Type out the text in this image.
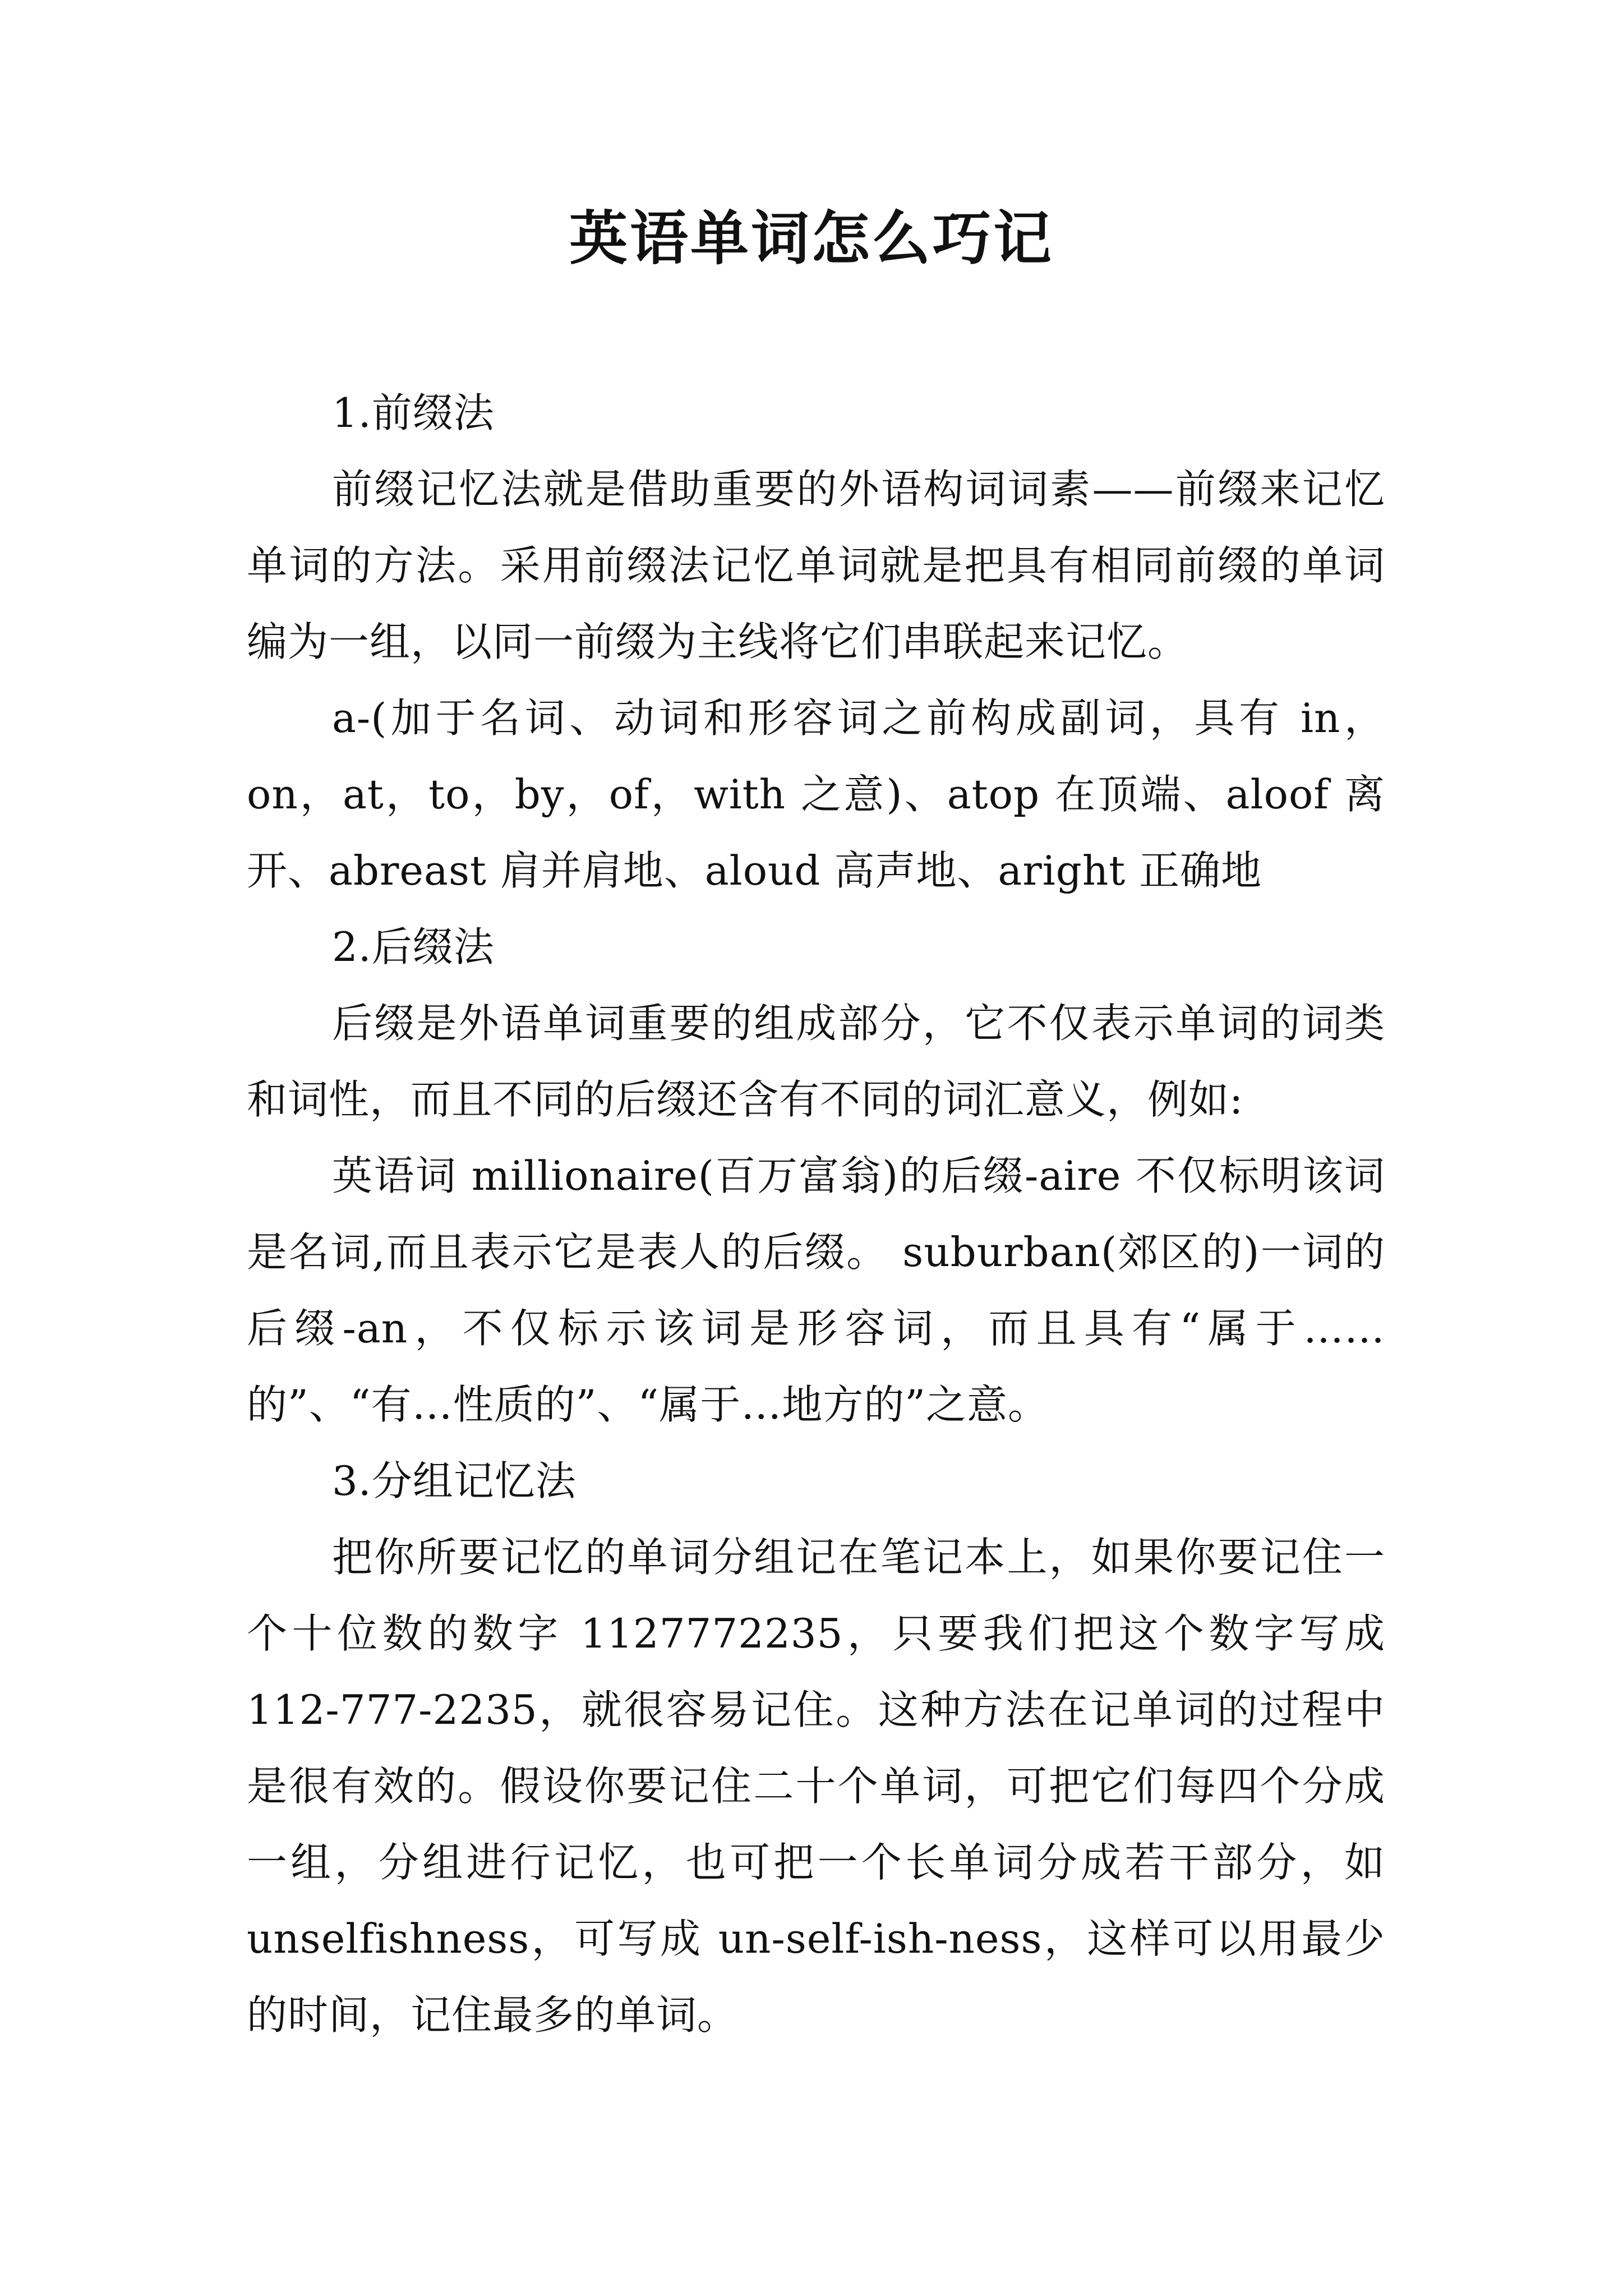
英语单词怎么巧记

1.前缀法

前缀记忆法就是借助重要的外语构词词素——前缀来记忆单词的方法。采用前缀法记忆单词就是把具有相同前缀的单词编为一组，以同一前缀为主线将它们串联起来记忆。

a-(加于名词、动词和形容词之前构成副词，具有 in，on，at，to，by，of，with 之意)、atop 在顶端、aloof 离开、abreast 肩并肩地、aloud 高声地、aright 正确地

2.后缀法

后缀是外语单词重要的组成部分，它不仅表示单词的词类和词性，而且不同的后缀还含有不同的词汇意义，例如:

英语词 millionaire(百万富翁)的后缀-aire 不仅标明该词是名词,而且表示它是表人的后缀。 suburban(郊区的)一词的后缀-an，不仅标示该词是形容词，而且具有“属于……的”、“有…性质的”、“属于…地方的”之意。

3.分组记忆法

把你所要记忆的单词分组记在笔记本上，如果你要记住一个十位数的数字 1127772235，只要我们把这个数字写成 112-777-2235，就很容易记住。这种方法在记单词的过程中是很有效的。假设你要记住二十个单词，可把它们每四个分成一组，分组进行记忆，也可把一个长单词分成若干部分，如 unselfishness，可写成 un-self-ish-ness，这样可以用最少的时间，记住最多的单词。
